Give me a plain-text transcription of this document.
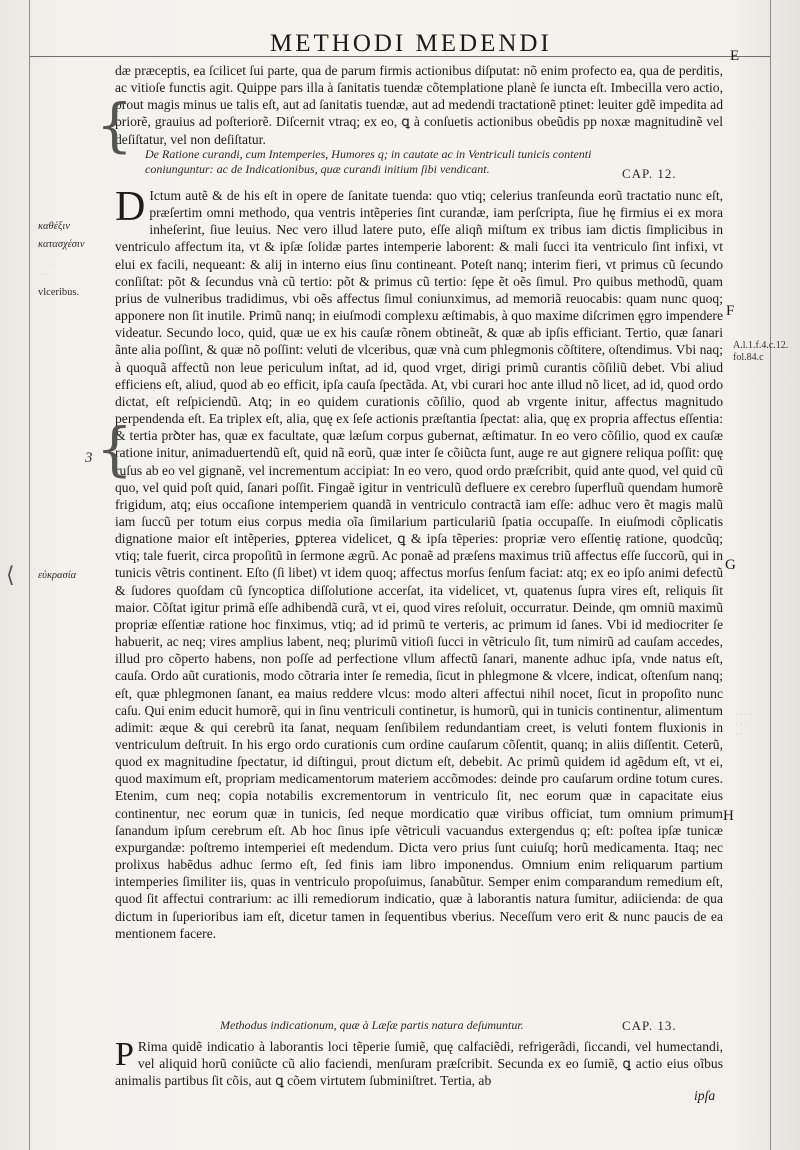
METHODI MEDENDI

dæ præceptis, ea ſcilicet ſui parte, qua de parum firmis actionibus diſputat: nõ enim profecto ea, qua de perditis, ac vitioſe functis agit. Quippe pars illa à ſanitatis tuendæ cõtemplatione planè ſe iuncta eſt. Imbecilla vero actio, prout magis minus ue talis eſt, aut ad ſanitatis tuendæ, aut ad medendi tractationẽ ptinet: leuiter gdẽ impedita ad priorẽ, grauius ad poſteriorẽ. Diſcernit vtraq; ex eo, ꝗ à conſuetis actionibus obeũdis pp noxæ magnitudinẽ vel deſiſtatur, vel non deſiſtatur.

E
De Ratione curandi, cum Intemperies, Humores q; in cautate ac in Ventriculi tunicis contenti coniunguntur: ac de Indicationibus, quæ curandi initium ſibi vendicant.	CAP. 12.
D Ictum autẽ & de his eſt in opere de ſanitate tuenda: quo vtiq; celerius tranſeunda eorũ tractatio nunc eſt, præſertim omni methodo, qua ventris intẽperies ſint curandæ, iam perſcripta, ſiue hę firmius ei ex mora inheſerint, ſiue leuius. Nec vero illud latere puto, eſſe aliqñ miſtum ex tribus iam dictis ſimplicibus in ventriculo affectum ita, vt & ipſæ ſolidæ partes intemperie laborent: & mali ſucci ita ventriculo ſint infixi, vt elui ex facili, nequeant: & alij in interno eius ſinu contineant. Poteſt nanq; interim fieri, vt primus cũ ſecundo conſiſtat: põt & ſecundus vnà cũ tertio: põt & primus cũ tertio: ſępe ẽt oẽs ſimul. Pro quibus methodũ, quam prius de vulneribus tradidimus, vbi oẽs affectus ſimul coniunximus, ad memoriã reuocabis: quam nunc quoq; apponere non ſit inutile. Primũ nanq; in eiuſmodi complexu æſtimabis, à quo maxime diſcrimen ęgro impendere videatur. Secundo loco, quid, quæ ue ex his cauſæ rõnem obtineãt, & quæ ab ipſis efficiant. Tertio, quæ ſanari ãnte alia poſſint, & quæ nõ poſſint: veluti de vlceribus, quæ vnà cum phlegmonis cõſtitere, oſtendimus. Vbi naq; à quoquã affectũ non leue periculum inſtat, ad id, quod vrget, dirigi primũ curantis cõſiliũ debet. Vbi aliud efficiens eſt, aliud, quod ab eo efficit, ipſa cauſa ſpectãda. At, vbi curari hoc ante illud nõ licet, ad id, quod ordo dictat, eſt reſpiciendũ. Atq; in eo quidem curationis cõſilio, quod ab vrgente initur, affectus magnitudo perpendenda eſt. Ea triplex eſt, alia, quę ex ſeſe actionis præſtantia ſpectat: alia, quę ex propria affectus eſſentia: & tertia prꝺter has, quæ ex facultate, quæ læſum corpus gubernat, æſtimatur. In eo vero cõſilio, quod ex cauſæ ratione initur, animaduertendũ eſt, quid nã eorũ, quæ inter ſe cõiũcta ſunt, auge re aut gignere reliqua poſſit: quę ruſus ab eo vel gignanẽ, vel incrementum accipiat: In eo vero, quod ordo præſcribit, quid ante quod, vel quid cũ quo, vel quid poſt quid, ſanari poſſit. Fingaẽ igitur in ventriculũ defluere ex cerebro ſuperfluũ quendam humorẽ frigidum, atq; eius occaſione intemperiem quandã in ventriculo contractã iam eſſe: adhuc vero ẽt magis malũ iam ſuccũ per totum eius corpus media oĩa ſimilarium particulariũ ſpatia occupaſſe. In eiuſmodi cõplicatis dignatione maior eſt intẽperies, ꝑpterea videlicet, ꝗ & ipſa tẽperies: propriæ vero eſſentię ratione, quodcũq; vtiq; tale fuerit, circa propoſitũ in ſermone ægrũ. Ac ponaẽ ad præſens maximus triũ affectus eſſe ſuccorũ, qui in tunicis vẽtris continent. Eſto (ſi libet) vt idem quoq; affectus morſus ſenſum faciat: atq; ex eo ipſo animi defectũ & ſudores quoſdam cũ ſyncoptica diſſolutione accerſat, ita videlicet, vt, quatenus ſupra vires eſt, reliquis ſit maior. Cõſtat igitur primã eſſe adhibendã curã, vt ei, quod vires reſoluit, occurratur. Deinde, qm omniũ maximũ propriæ eſſentiæ ratione hoc finximus, vtiq; ad id primũ te verteris, ac primum id ſanes. Vbi id mediocriter ſe habuerit, ac neq; vires amplius labent, neq; plurimũ vitioſi ſucci in vẽtriculo ſit, tum nimirũ ad cauſam accedes, illud pro cõperto habens, non poſſe ad perfectione vllum affectũ ſanari, manente adhuc ipſa, vnde natus eſt, cauſa. Ordo aũt curationis, modo cõtraria inter ſe remedia, ſicut in phlegmone & vlcere, indicat, oſtenſum nanq; eſt, quæ phlegmonen ſanant, ea maius reddere vlcus: modo alteri affectui nihil nocet, ſicut in propoſito nunc caſu. Qui enim educit humorẽ, qui in ſinu ventriculi continetur, is humorũ, qui in tunicis continentur, alimentum adimit: æque & qui cerebrũ ita ſanat, nequam ſenſibilem redundantiam creet, is veluti fontem fluxionis in ventriculum deſtruit. In his ergo ordo curationis cum ordine cauſarum cõſentit, quanq; in aliis diſſentit. Ceterũ, quod ex magnitudine ſpectatur, id diſtingui, prout dictum eſt, debebit. Ac primũ quidem id agẽdum eſt, vt ei, quod maximum eſt, propriam medicamentorum materiem accõmodes: deinde pro cauſarum ordine totum cures. Etenim, cum neq; copia notabilis excrementorum in ventriculo ſit, nec eorum quæ in capacitate eius continentur, nec eorum quæ in tunicis, ſed neque mordicatio quæ viribus officiat, tum omnium primum ſanandum ipſum cerebrum eſt. Ab hoc ſinus ipſe vẽtriculi vacuandus extergendus q; eſt: poſtea ipſæ tunicæ expurgandæ: poſtremo intemperiei eſt medendum. Dicta vero prius ſunt cuiuſq; horũ medicamenta. Itaq; nec prolixus habẽdus adhuc ſermo eſt, ſed finis iam libro imponendus. Omnium enim reliquarum partium intemperies ſimiliter iis, quas in ventriculo propoſuimus, ſanabũtur. Semper enim comparandum remedium eſt, quod ſit affectui contrarium: ac illi remediorum indicatio, quæ à laborantis natura ſumitur, adiicienda: de qua dictum in ſuperioribus iam eſt, dicetur tamen in ſequentibus vberius. Neceſſum vero erit & nunc paucis de ea mentionem facere.
F
G
H
Methodus indicationum, quæ à Læſæ partis natura deſumuntur.	CAP. 13.
P Rima quidẽ indicatio à laborantis loci tẽperie ſumiẽ, quę calfaciẽdi, refrigerãdi, ſiccandi, vel humectandi, vel aliquid horũ coniũcte cũ alio faciendi, menſuram præſcribit. Secunda ex eo ſumiẽ, ꝗ actio eius oĩbus animalis partibus ſit cõis, aut ꝗ cõem virtutem ſubminiſtret. Tertia, ab
ipſa
καθέξιν
κατασχέσιν
vlceribus.
εὐκρασία
{
{
3
⟨
A.l.1.f.4.c.12. fol.84.c
· · · ·
· ·
· · · ·
· · ·
· ·
